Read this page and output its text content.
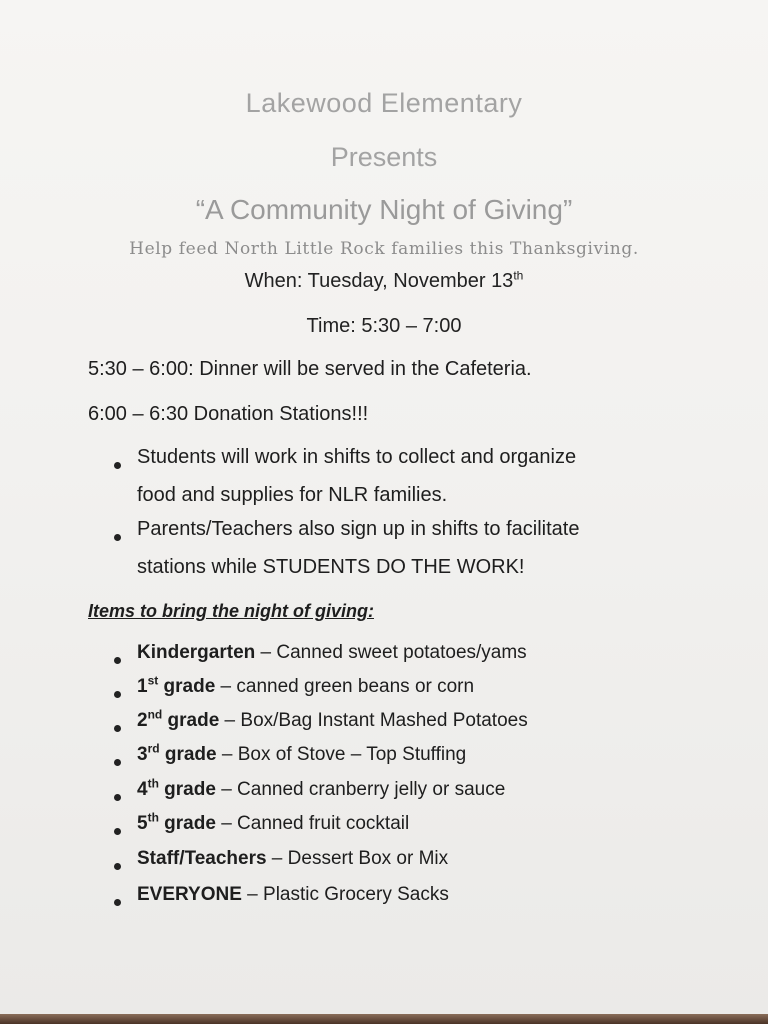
Lakewood Elementary
Presents
“A Community Night of Giving”
Help feed North Little Rock families this Thanksgiving.
When: Tuesday, November 13th
Time: 5:30 – 7:00
5:30 – 6:00: Dinner will be served in the Cafeteria.
6:00 – 6:30 Donation Stations!!!
Students will work in shifts to collect and organize
food and supplies for NLR families.
Parents/Teachers also sign up in shifts to facilitate
stations while STUDENTS DO THE WORK!
Items to bring the night of giving:
Kindergarten – Canned sweet potatoes/yams
1st grade – canned green beans or corn
2nd grade – Box/Bag Instant Mashed Potatoes
3rd grade – Box of Stove – Top Stuffing
4th grade – Canned cranberry jelly or sauce
5th grade – Canned fruit cocktail
Staff/Teachers – Dessert Box or Mix
EVERYONE – Plastic Grocery Sacks
